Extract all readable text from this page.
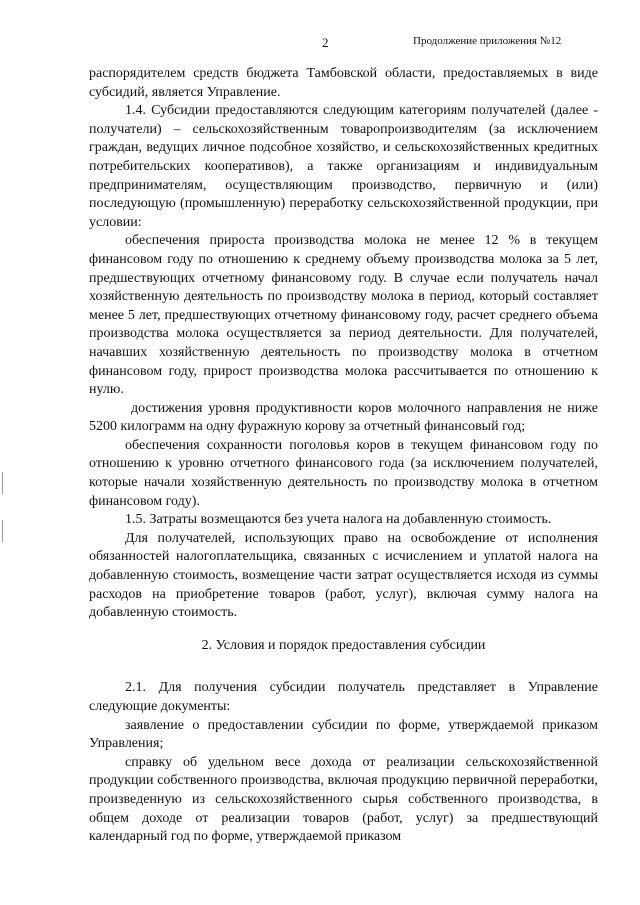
2	Продолжение приложения №12

распорядителем средств бюджета Тамбовской области, предоставляемых в виде субсидий, является Управление.

1.4. Субсидии предоставляются следующим категориям получателей (далее - получатели) – сельскохозяйственным товаропроизводителям (за исключением граждан, ведущих личное подсобное хозяйство, и сельскохозяйственных кредитных потребительских кооперативов), а также организациям и индивидуальным предпринимателям, осуществляющим производство, первичную и (или) последующую (промышленную) переработку сельскохозяйственной продукции, при условии:

обеспечения прироста производства молока не менее 12 % в текущем финансовом году по отношению к среднему объему производства молока за 5 лет, предшествующих отчетному финансовому году. В случае если получатель начал хозяйственную деятельность по производству молока в период, который составляет менее 5 лет, предшествующих отчетному финансовому году, расчет среднего объема производства молока осуществляется за период деятельности. Для получателей, начавших хозяйственную деятельность по производству молока в отчетном финансовом году, прирост производства молока рассчитывается по отношению к нулю.

достижения уровня продуктивности коров молочного направления не ниже 5200 килограмм на одну фуражную корову за отчетный финансовый год;

обеспечения сохранности поголовья коров в текущем финансовом году по отношению к уровню отчетного финансового года (за исключением получателей, которые начали хозяйственную деятельность по производству молока в отчетном финансовом году).

1.5. Затраты возмещаются без учета налога на добавленную стоимость.

Для получателей, использующих право на освобождение от исполнения обязанностей налогоплательщика, связанных с исчислением и уплатой налога на добавленную стоимость, возмещение части затрат осуществляется исходя из суммы расходов на приобретение товаров (работ, услуг), включая сумму налога на добавленную стоимость.

2. Условия и порядок предоставления субсидии

2.1. Для получения субсидии получатель представляет в Управление следующие документы:

заявление о предоставлении субсидии по форме, утверждаемой приказом Управления;

справку об удельном весе дохода от реализации сельскохозяйственной продукции собственного производства, включая продукцию первичной переработки, произведенную из сельскохозяйственного сырья собственного производства, в общем доходе от реализации товаров (работ, услуг) за предшествующий календарный год по форме, утверждаемой приказом
